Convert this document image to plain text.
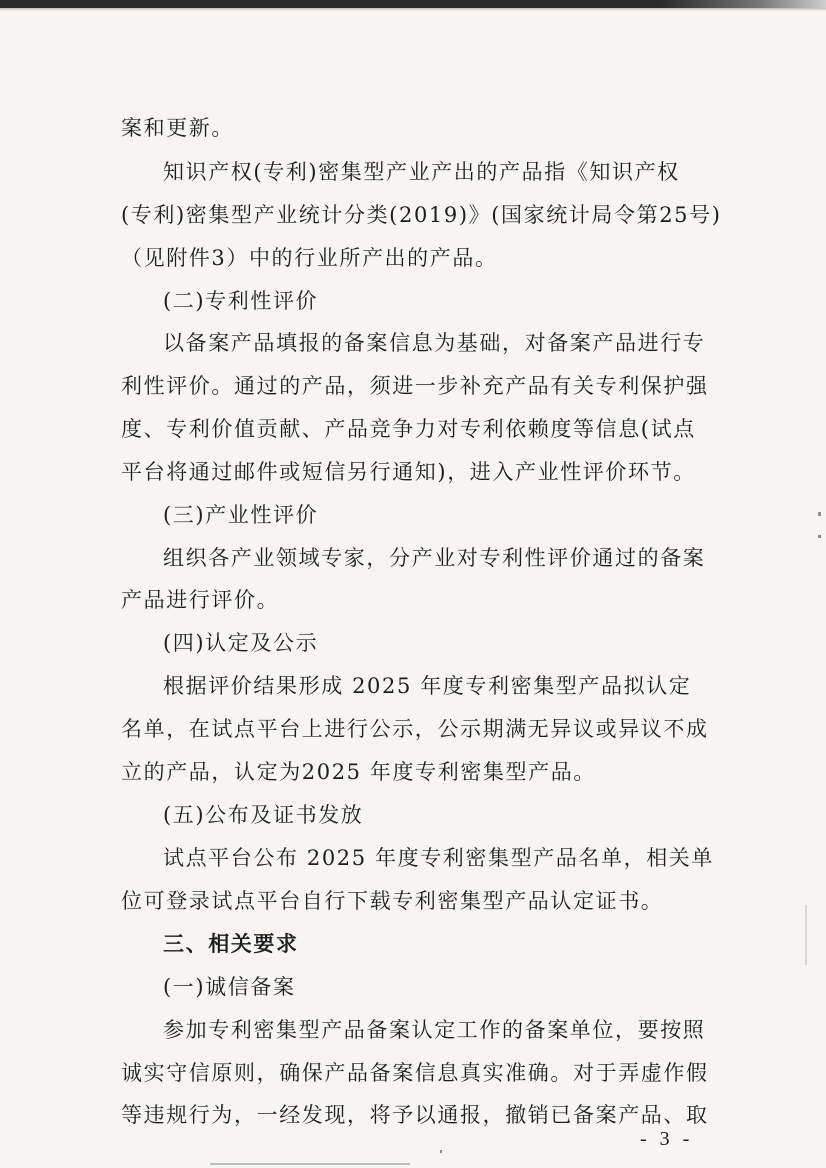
案和更新。
知识产权(专利)密集型产业产出的产品指《知识产权
(专利)密集型产业统计分类(2019)》(国家统计局令第25号)
（见附件3）中的行业所产出的产品。
(二)专利性评价
以备案产品填报的备案信息为基础，对备案产品进行专
利性评价。通过的产品，须进一步补充产品有关专利保护强
度、专利价值贡献、产品竞争力对专利依赖度等信息(试点
平台将通过邮件或短信另行通知)，进入产业性评价环节。
(三)产业性评价
组织各产业领域专家，分产业对专利性评价通过的备案
产品进行评价。
(四)认定及公示
根据评价结果形成 2025 年度专利密集型产品拟认定
名单，在试点平台上进行公示，公示期满无异议或异议不成
立的产品，认定为2025 年度专利密集型产品。
(五)公布及证书发放
试点平台公布 2025 年度专利密集型产品名单，相关单
位可登录试点平台自行下载专利密集型产品认定证书。
三、相关要求
(一)诚信备案
参加专利密集型产品备案认定工作的备案单位，要按照
诚实守信原则，确保产品备案信息真实准确。对于弄虚作假
等违规行为，一经发现，将予以通报，撤销已备案产品、取
- 3 -
